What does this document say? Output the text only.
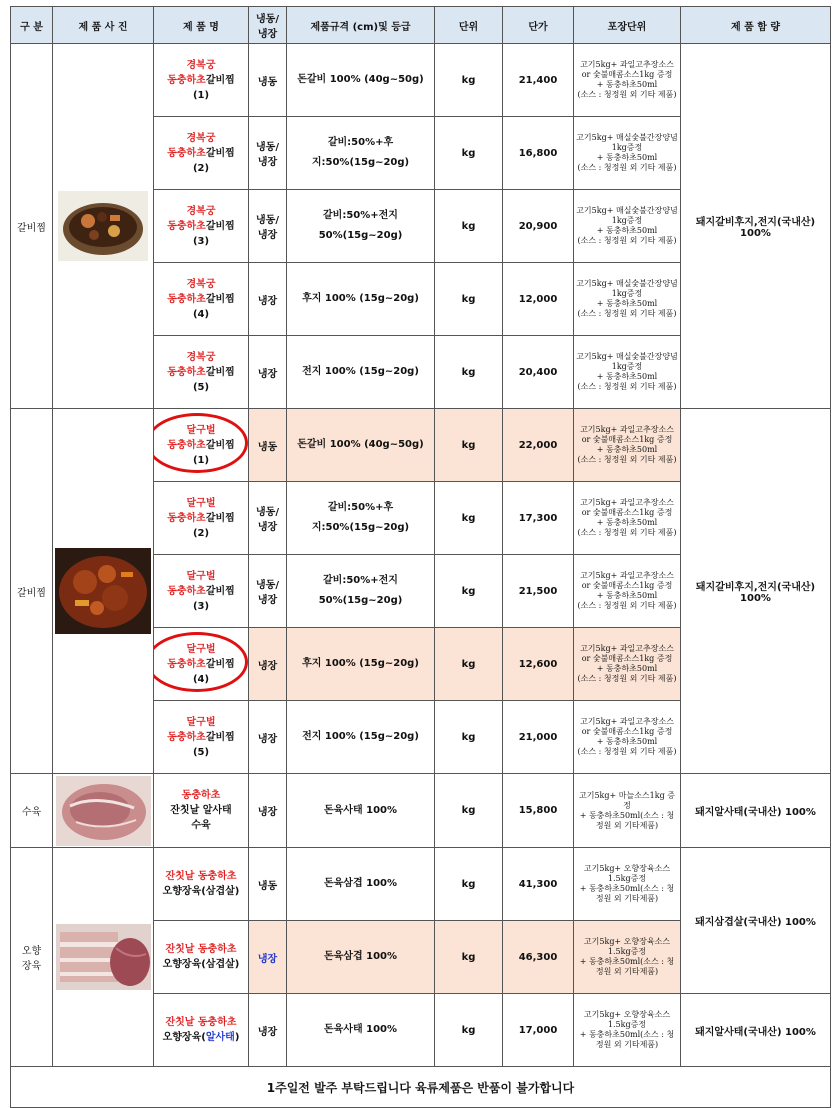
구 분	제 품 사 진	제 품 명	냉동/
냉장	제품규격 (cm)및 등급	단위	단가	포장단위	제 품 함 량
갈비찜		경복궁
동충하초갈비찜
(1)	냉동	돈갈비 100% (40g~50g)	kg	21,400	고기5kg+ 과일고추장소스 or 숯불매콤소스1kg 증정
+ 동충하초50ml
(소스 : 청정원 외 기타 제품)	돼지갈비후지,전지(국내산) 100%
		경복궁
동충하초갈비찜
(2)	냉동/
냉장	갈비:50%+후
지:50%(15g~20g)	kg	16,800	고기5kg+ 매실숯불간장양념 1kg증정
+ 동충하초50ml
(소스 : 청정원 외 기타 제품)	
		경복궁
동충하초갈비찜
(3)	냉동/
냉장	갈비:50%+전지
50%(15g~20g)	kg	20,900	고기5kg+ 매실숯불간장양념 1kg증정
+ 동충하초50ml
(소스 : 청정원 외 기타 제품)	
		경복궁
동충하초갈비찜
(4)	냉장	후지 100% (15g~20g)	kg	12,000	고기5kg+ 매실숯불간장양념 1kg증정
+ 동충하초50ml
(소스 : 청정원 외 기타 제품)	
		경복궁
동충하초갈비찜
(5)	냉장	전지 100% (15g~20g)	kg	20,400	고기5kg+ 매실숯불간장양념 1kg증정
+ 동충하초50ml
(소스 : 청정원 외 기타 제품)	
갈비찜		달구벌
동충하초갈비찜
(1)	냉동	돈갈비 100% (40g~50g)	kg	22,000	고기5kg+ 과일고추장소스 or 숯불매콤소스1kg 증정
+ 동충하초50ml
(소스 : 청정원 외 기타 제품)	돼지갈비후지,전지(국내산) 100%
		달구벌
동충하초갈비찜
(2)	냉동/
냉장	갈비:50%+후
지:50%(15g~20g)	kg	17,300	고기5kg+ 과일고추장소스 or 숯불매콤소스1kg 증정
+ 동충하초50ml
(소스 : 청정원 외 기타 제품)	
		달구벌
동충하초갈비찜
(3)	냉동/
냉장	갈비:50%+전지
50%(15g~20g)	kg	21,500	고기5kg+ 과일고추장소스 or 숯불매콤소스1kg 증정
+ 동충하초50ml
(소스 : 청정원 외 기타 제품)	
		달구벌
동충하초갈비찜
(4)	냉장	후지 100% (15g~20g)	kg	12,600	고기5kg+ 과일고추장소스 or 숯불매콤소스1kg 증정
+ 동충하초50ml
(소스 : 청정원 외 기타 제품)	
		달구벌
동충하초갈비찜
(5)	냉장	전지 100% (15g~20g)	kg	21,000	고기5kg+ 과일고추장소스 or 숯불매콤소스1kg 증정
+ 동충하초50ml
(소스 : 청정원 외 기타 제품)	
수육		동충하초
잔칫날 알사태
수육	냉장	돈육사태 100%	kg	15,800	고기5kg+ 마늘소스1kg 증정
+ 동충하초50ml(소스 : 청정원 외 기타제품)	돼지알사태(국내산) 100%
오향
장육		잔칫날 동충하초
오향장육(삼겹살)	냉동	돈육삼겹 100%	kg	41,300	고기5kg+ 오향장육소스 1.5kg증정
+ 동충하초50ml(소스 : 청정원 외 기타제품)	돼지삼겹살(국내산) 100%
		잔칫날 동충하초
오향장육(삼겹살)	냉장	돈육삼겹 100%	kg	46,300	고기5kg+ 오향장육소스 1.5kg증정
+ 동충하초50ml(소스 : 청정원 외 기타제품)	
		잔칫날 동충하초
오향장육(알사태)	냉장	돈육사태 100%	kg	17,000	고기5kg+ 오향장육소스 1.5kg증정
+ 동충하초50ml(소스 : 청정원 외 기타제품)	돼지알사태(국내산) 100%
1주일전 발주 부탁드립니다 육류제품은 반품이 불가합니다								
